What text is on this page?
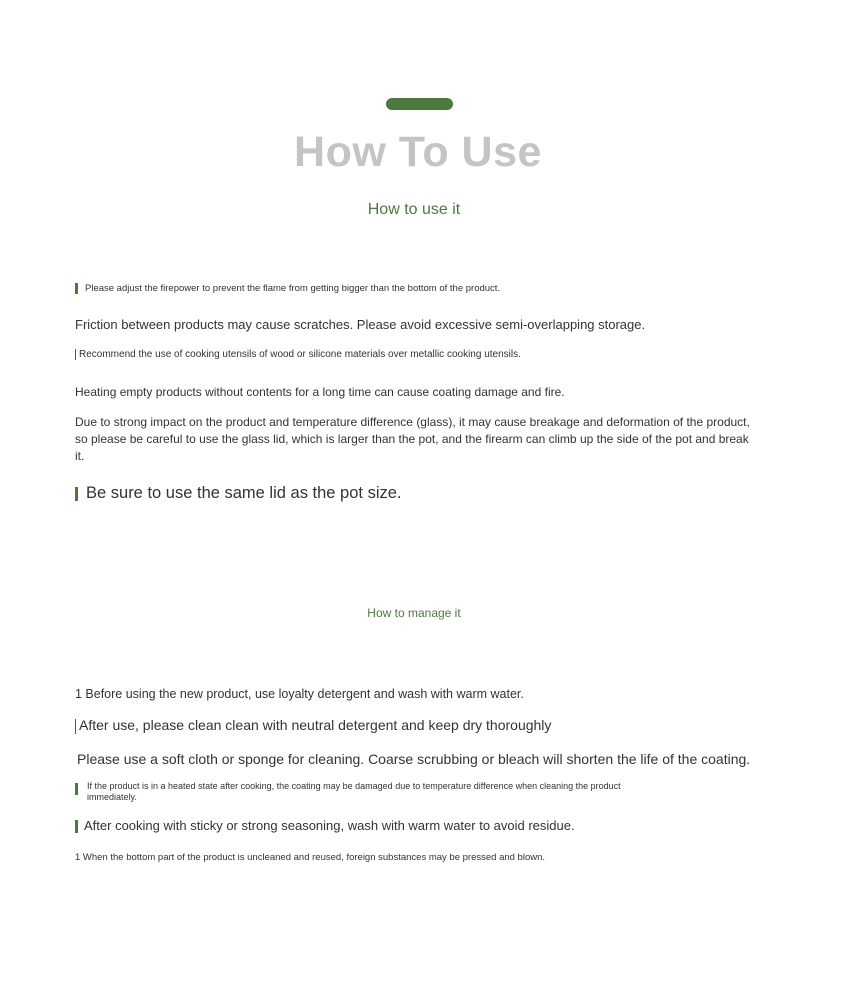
How To Use
How to use it
Please adjust the firepower to prevent the flame from getting bigger than the bottom of the product.
Friction between products may cause scratches. Please avoid excessive semi-overlapping storage.
Recommend the use of cooking utensils of wood or silicone materials over metallic cooking utensils.
Heating empty products without contents for a long time can cause coating damage and fire.
Due to strong impact on the product and temperature difference (glass), it may cause breakage and deformation of the product, so please be careful to use the glass lid, which is larger than the pot, and the firearm can climb up the side of the pot and break it.
Be sure to use the same lid as the pot size.
How to manage it
1 Before using the new product, use loyalty detergent and wash with warm water.
After use, please clean clean with neutral detergent and keep dry thoroughly
Please use a soft cloth or sponge for cleaning. Coarse scrubbing or bleach will shorten the life of the coating.
If the product is in a heated state after cooking, the coating may be damaged due to temperature difference when cleaning the product immediately.
After cooking with sticky or strong seasoning, wash with warm water to avoid residue.
1 When the bottom part of the product is uncleaned and reused, foreign substances may be pressed and blown.
